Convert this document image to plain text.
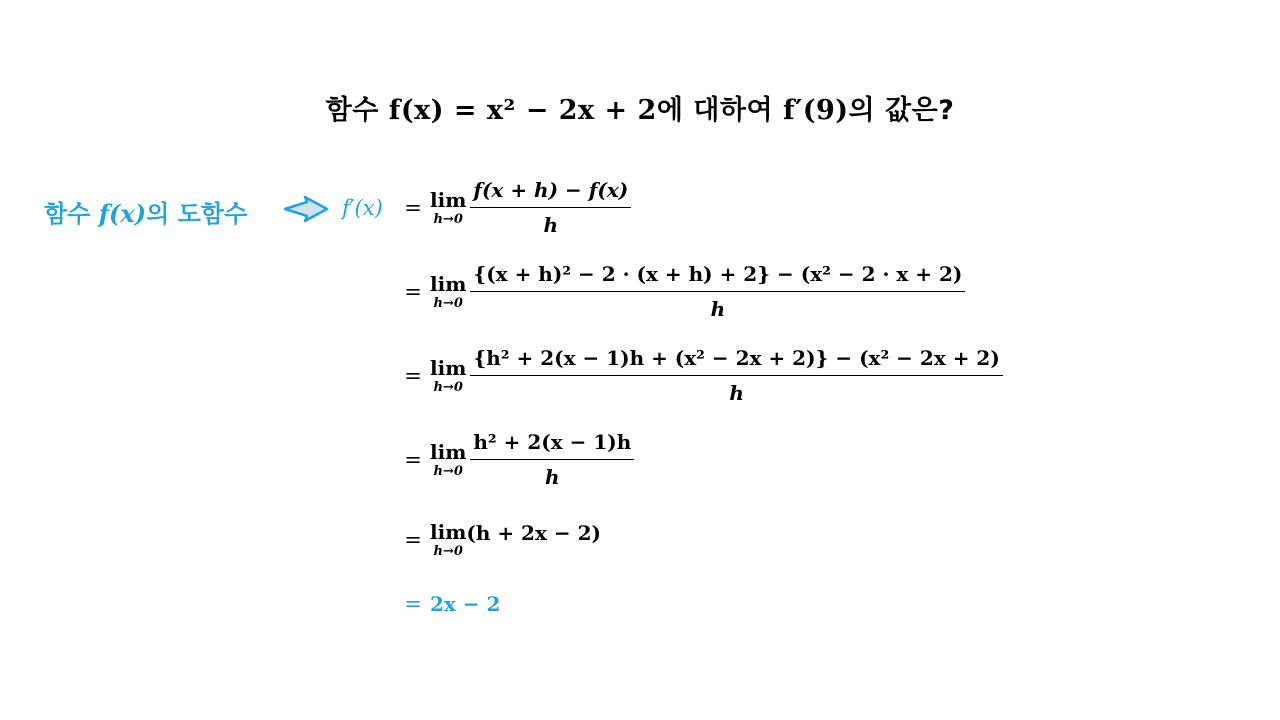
함수 f(x) = x² − 2x + 2에 대하여 f′(9)의 값은?
함수 f(x)의 도함수	f′(x) = lim
$h\to 0 \frac{f(x + h) - f(x)}{h}$
= lim
$h\to 0 \frac{\text{\{(x + h)² − 2 · (x + h) + 2\} − (x² − 2 · x + 2)}}{h}$
= lim
$h\to 0 \frac{\text{\{h² + 2(x − 1)h + (x² − 2x + 2)\} − (x² − 2x + 2)}}{h}$
= lim
$h\to 0 \frac{\text{h² + 2(x − 1)h}}{h}$
= lim
h→0
(h + 2x − 2)
= 2x − 2
